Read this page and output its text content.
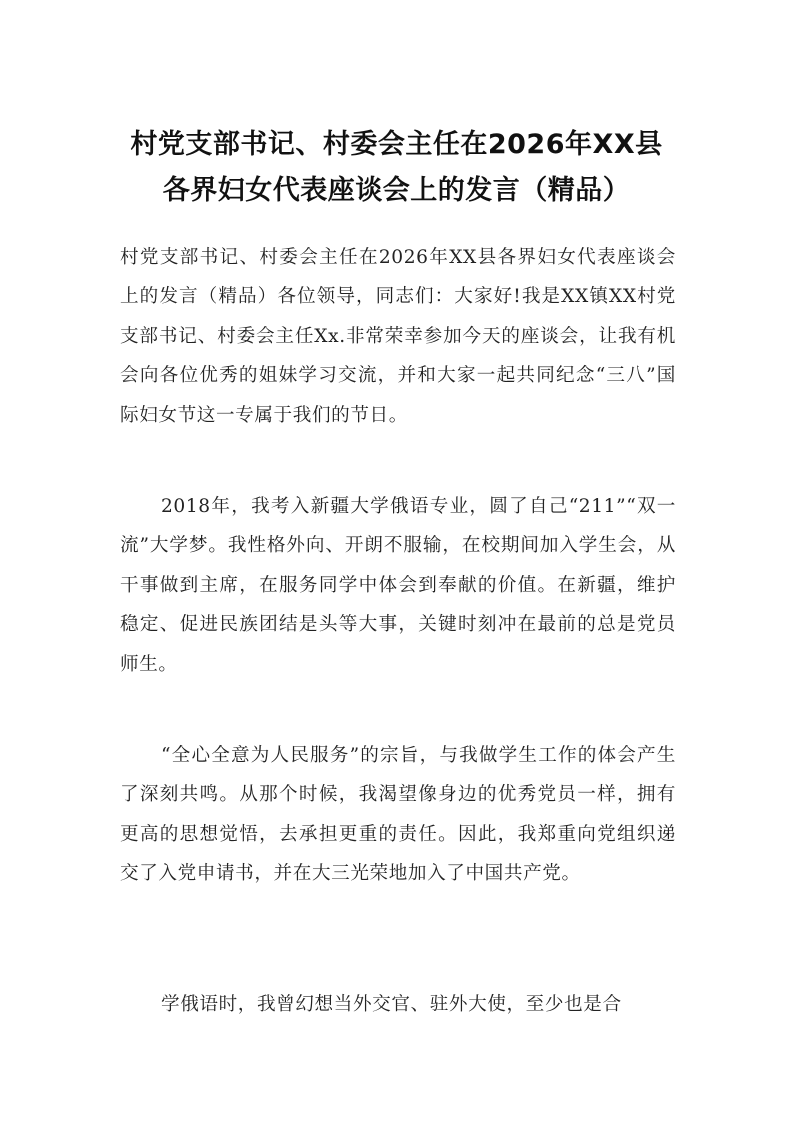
村党支部书记、村委会主任在2026年XX县
各界妇女代表座谈会上的发言（精品）

村党支部书记、村委会主任在2026年XX县各界妇女代表座谈会上的发言（精品）各位领导，同志们：大家好!我是XX镇XX村党支部书记、村委会主任Xx.非常荣幸参加今天的座谈会，让我有机会向各位优秀的姐妹学习交流，并和大家一起共同纪念“三八”国际妇女节这一专属于我们的节日。

2018年，我考入新疆大学俄语专业，圆了自己“211”“双一流”大学梦。我性格外向、开朗不服输，在校期间加入学生会，从干事做到主席，在服务同学中体会到奉献的价值。在新疆，维护稳定、促进民族团结是头等大事，关键时刻冲在最前的总是党员师生。

“全心全意为人民服务”的宗旨，与我做学生工作的体会产生了深刻共鸣。从那个时候，我渴望像身边的优秀党员一样，拥有更高的思想觉悟，去承担更重的责任。因此，我郑重向党组织递交了入党申请书，并在大三光荣地加入了中国共产党。

学俄语时，我曾幻想当外交官、驻外大使，至少也是合
